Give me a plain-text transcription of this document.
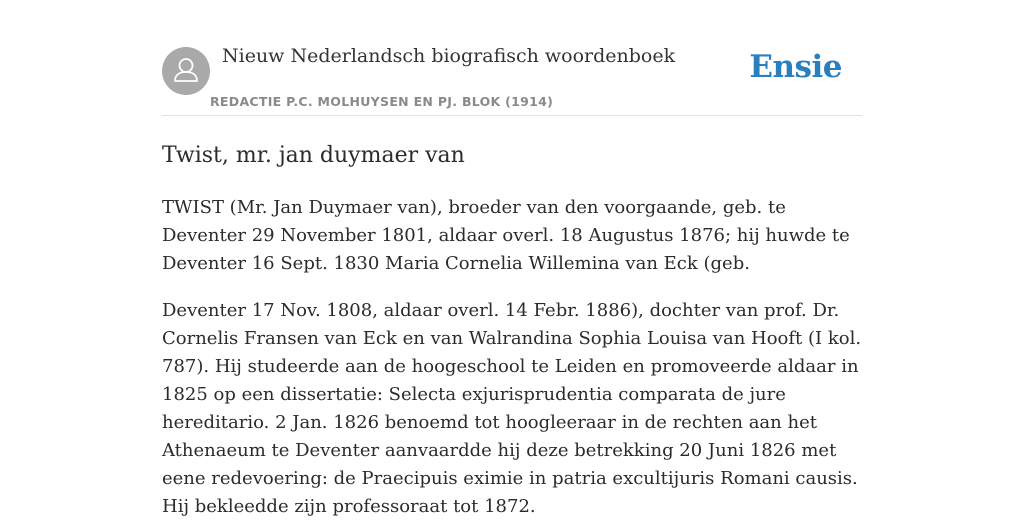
Nieuw Nederlandsch biografisch woordenboek
REDACTIE P.C. MOLHUYSEN EN PJ. BLOK (1914)
Ensie
Twist, mr. jan duymaer van

TWIST (Mr. Jan Duymaer van), broeder van den voorgaande, geb. te Deventer 29 November 1801, aldaar overl. 18 Augustus 1876; hij huwde te Deventer 16 Sept. 1830 Maria Cornelia Willemina van Eck (geb.

Deventer 17 Nov. 1808, aldaar overl. 14 Febr. 1886), dochter van prof. Dr. Cornelis Fransen van Eck en van Walrandina Sophia Louisa van Hooft (I kol. 787). Hij studeerde aan de hoogeschool te Leiden en promoveerde aldaar in 1825 op een dissertatie: Selecta exjurisprudentia comparata de jure hereditario. 2 Jan. 1826 benoemd tot hoogleeraar in de rechten aan het Athenaeum te Deventer aanvaardde hij deze betrekking 20 Juni 1826 met eene redevoering: de Praecipuis eximie in patria excultijuris Romani causis. Hij bekleedde zijn professoraat tot 1872.
